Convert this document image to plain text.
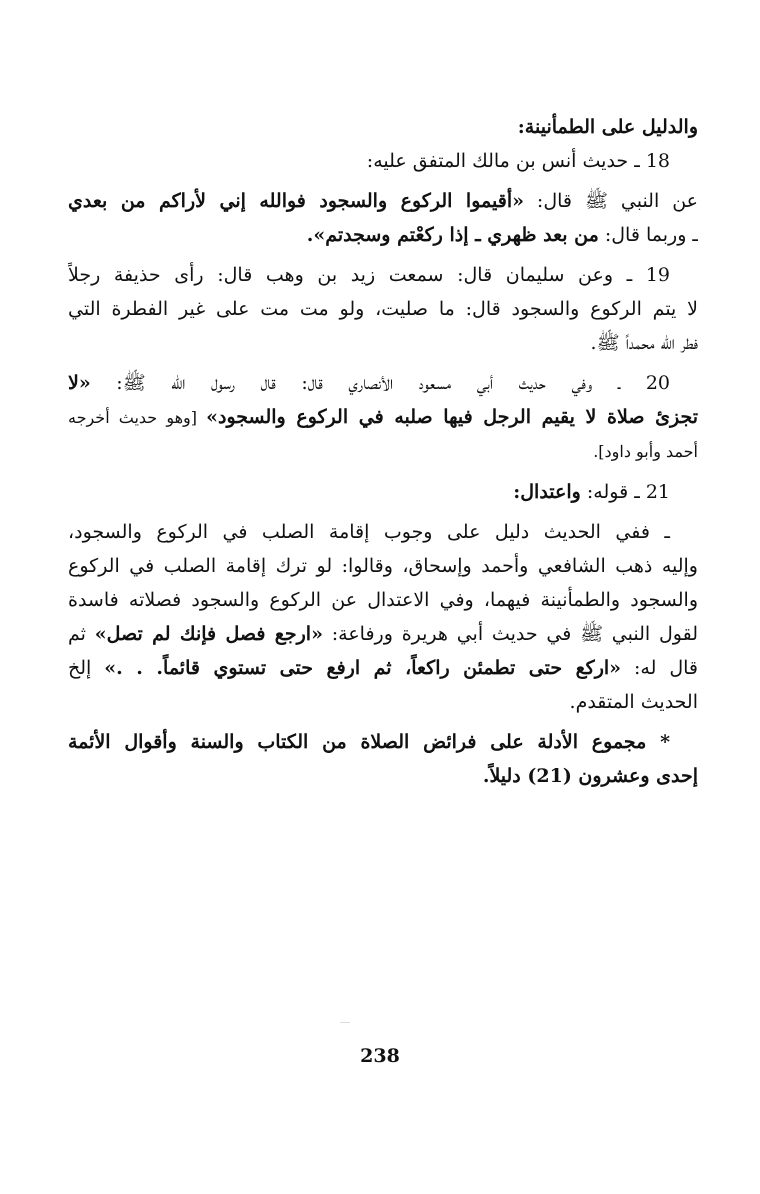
والدليل على الطمأنينة:
18 ـ حديث أنس بن مالك المتفق عليه:
عن النبي ﷺ قال: «أقيموا الركوع والسجود فوالله إني لأراكم من بعدي
ـ وربما قال: من بعد ظهري ـ إذا ركعْتم وسجدتم».
19 ـ وعن سليمان قال: سمعت زيد بن وهب قال: رأى حذيفة رجلاً
لا يتم الركوع والسجود قال: ما صليت، ولو مت مت على غير الفطرة التي
فطر الله محمداً ﷺ.
20 ـ وفي حديث أبي مسعود الأنصاري قال: قال رسول الله ﷺ: «لا
تجزئ صلاة لا يقيم الرجل فيها صلبه في الركوع والسجود» [وهو حديث أخرجه
أحمد وأبو داود].
21 ـ قوله: واعتدال:
ـ ففي الحديث دليل على وجوب إقامة الصلب في الركوع والسجود،
وإليه ذهب الشافعي وأحمد وإسحاق، وقالوا: لو ترك إقامة الصلب في الركوع
والسجود والطمأنينة فيهما، وفي الاعتدال عن الركوع والسجود فصلاته فاسدة
لقول النبي ﷺ في حديث أبي هريرة ورفاعة: «ارجع فصل فإنك لم تصل» ثم
قال له: «اركع حتى تطمئن راكعاً، ثم ارفع حتى تستوي قائماً. . .» إلخ
الحديث المتقدم.
* مجموع الأدلة على فرائض الصلاة من الكتاب والسنة وأقوال الأئمة
إحدى وعشرون (21) دليلاً.
238
